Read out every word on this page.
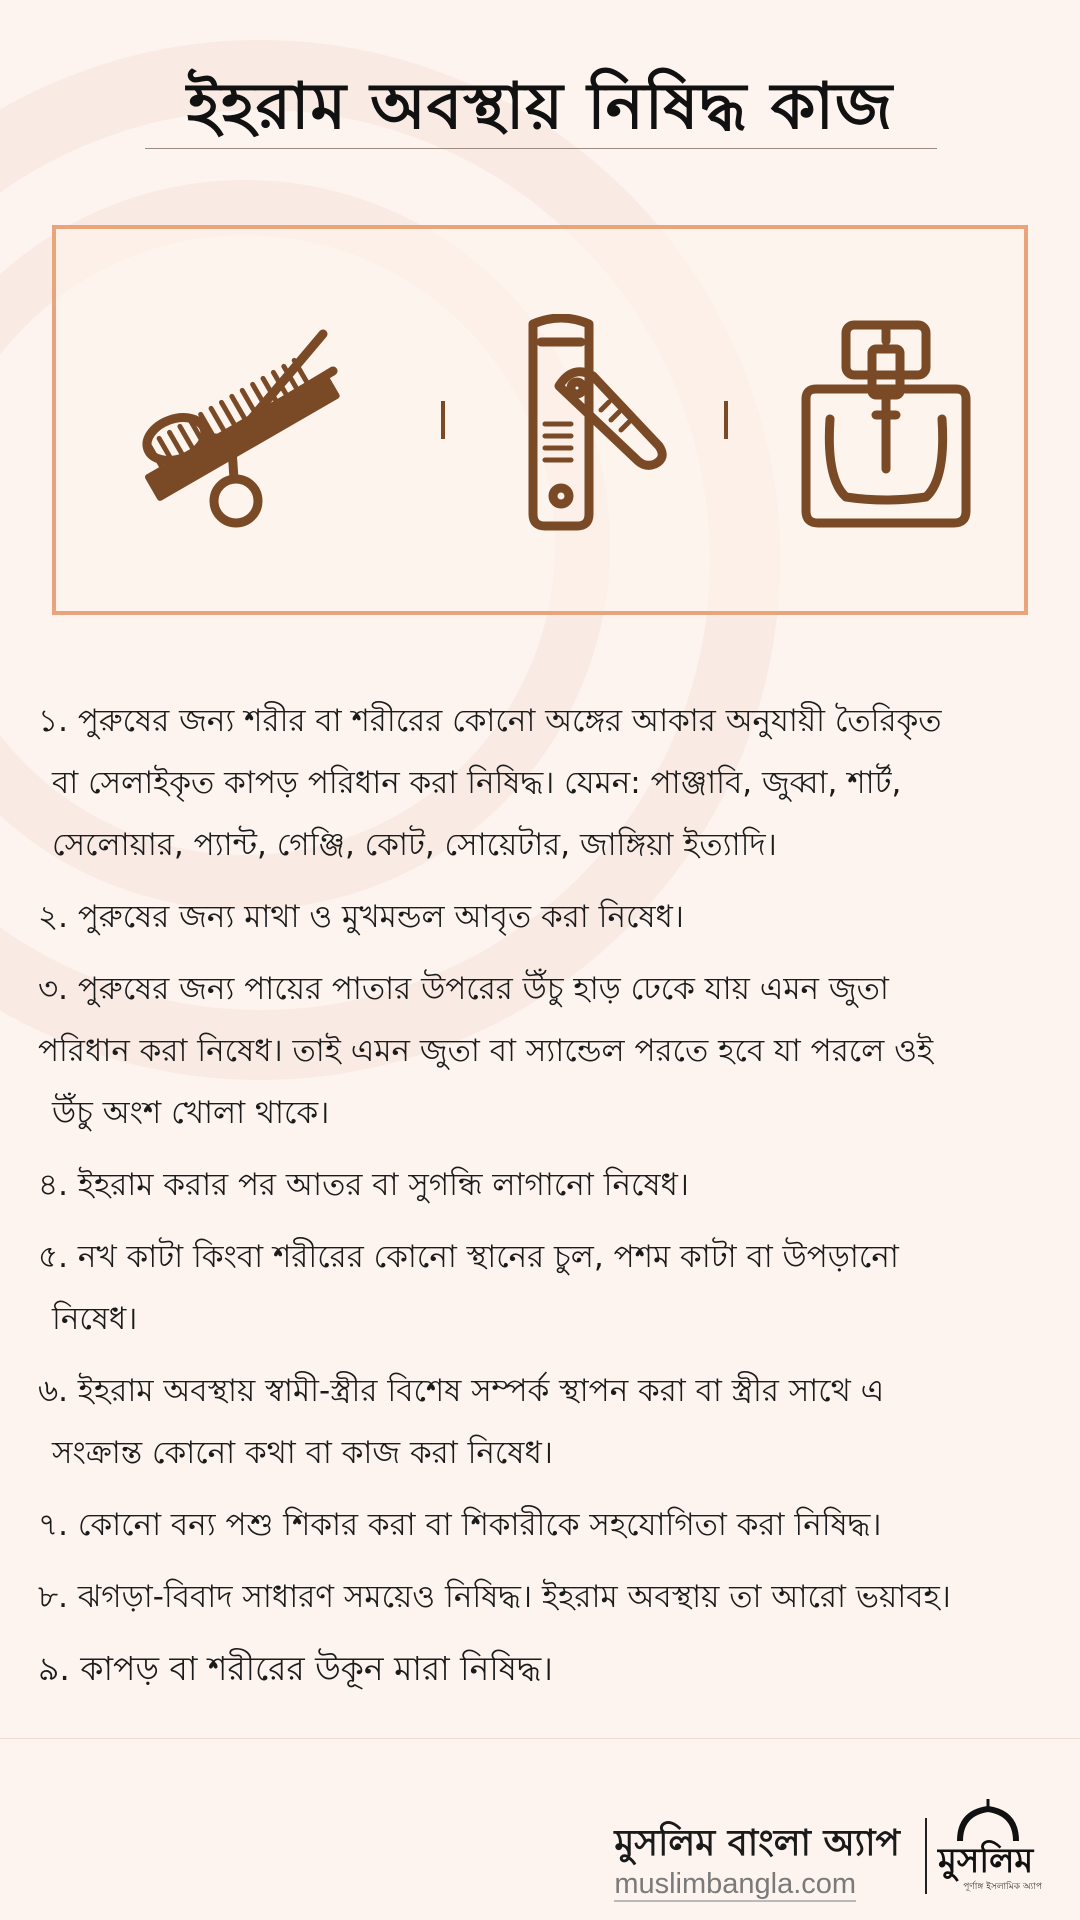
ইহরাম অবস্থায় নিষিদ্ধ কাজ
১. পুরুষের জন্য শরীর বা শরীরের কোনো অঙ্গের আকার অনুযায়ী তৈরিকৃত
বা সেলাইকৃত কাপড় পরিধান করা নিষিদ্ধ। যেমন: পাঞ্জাবি, জুব্বা, শার্ট,
সেলোয়ার, প্যান্ট, গেঞ্জি, কোট, সোয়েটার, জাঙ্গিয়া ইত্যাদি।
২. পুরুষের জন্য মাথা ও মুখমন্ডল আবৃত করা নিষেধ।
৩. পুরুষের জন্য পায়ের পাতার উপরের উঁচু হাড় ঢেকে যায় এমন জুতা
পরিধান করা নিষেধ। তাই এমন জুতা বা স্যান্ডেল পরতে হবে যা পরলে ওই
উঁচু অংশ খোলা থাকে।
৪. ইহরাম করার পর আতর বা সুগন্ধি লাগানো নিষেধ।
৫. নখ কাটা কিংবা শরীরের কোনো স্থানের চুল, পশম কাটা বা উপড়ানো
নিষেধ।
৬. ইহরাম অবস্থায় স্বামী-স্ত্রীর বিশেষ সম্পর্ক স্থাপন করা বা স্ত্রীর সাথে এ
সংক্রান্ত কোনো কথা বা কাজ করা নিষেধ।
৭. কোনো বন্য পশু শিকার করা বা শিকারীকে সহযোগিতা করা নিষিদ্ধ।
৮. ঝগড়া-বিবাদ সাধারণ সময়েও নিষিদ্ধ। ইহরাম অবস্থায় তা আরো ভয়াবহ।
৯. কাপড় বা শরীরের উকূন মারা নিষিদ্ধ।
মুসলিম বাংলা অ্যাপ
muslimbangla.com
মুসলিম
পূর্ণাঙ্গ ইসলামিক অ্যাপ
